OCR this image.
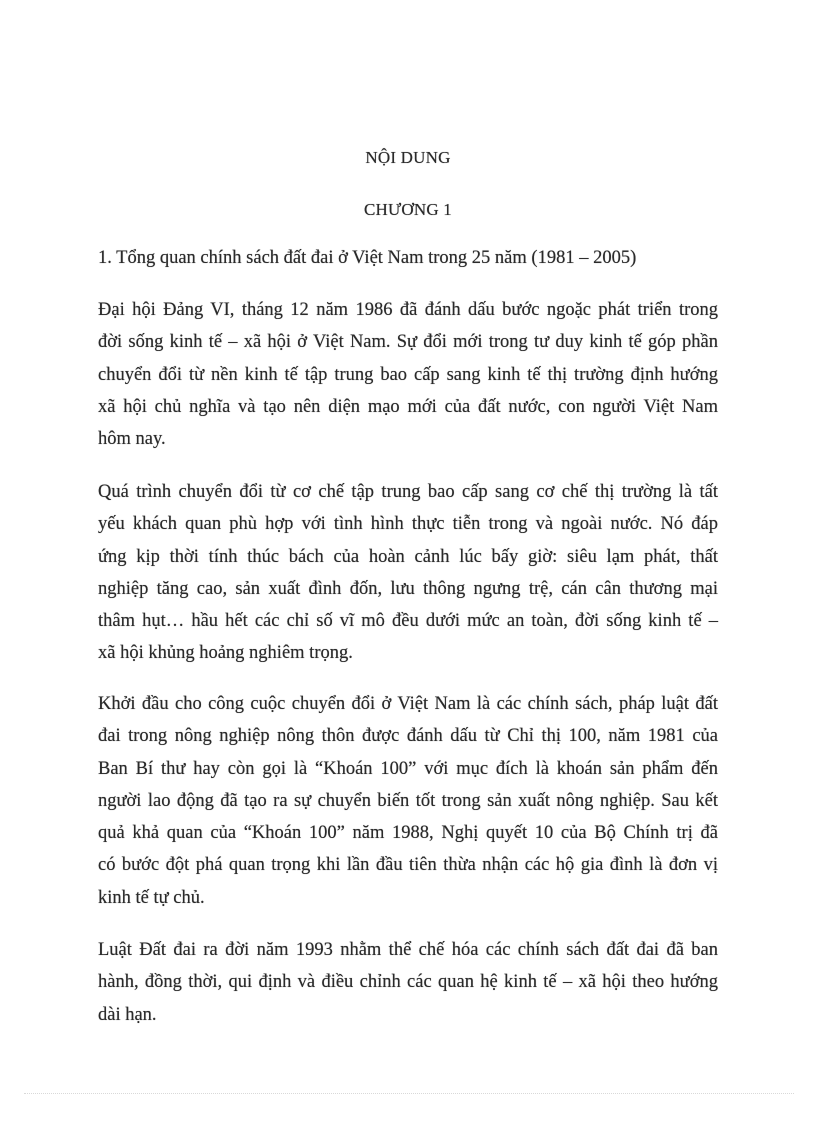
NỘI DUNG
CHƯƠNG 1
1. Tổng quan chính sách đất đai ở Việt Nam trong 25 năm (1981 – 2005)

Đại hội Đảng VI, tháng 12 năm 1986 đã đánh dấu bước ngoặc phát triển trong
đời sống kinh tế – xã hội ở Việt Nam. Sự đổi mới trong tư duy kinh tế góp phần
chuyển đổi từ nền kinh tế tập trung bao cấp sang kinh tế thị trường định hướng
xã hội chủ nghĩa và tạo nên diện mạo mới của đất nước, con người Việt Nam
hôm nay.

Quá trình chuyển đổi từ cơ chế tập trung bao cấp sang cơ chế thị trường là tất
yếu khách quan phù hợp với tình hình thực tiễn trong và ngoài nước. Nó đáp
ứng kịp thời tính thúc bách của hoàn cảnh lúc bấy giờ: siêu lạm phát, thất
nghiệp tăng cao, sản xuất đình đốn, lưu thông ngưng trệ, cán cân thương mại
thâm hụt… hầu hết các chỉ số vĩ mô đều dưới mức an toàn, đời sống kinh tế –
xã hội khủng hoảng nghiêm trọng.

Khởi đầu cho công cuộc chuyển đổi ở Việt Nam là các chính sách, pháp luật đất
đai trong nông nghiệp nông thôn được đánh dấu từ Chỉ thị 100, năm 1981 của
Ban Bí thư hay còn gọi là “Khoán 100” với mục đích là khoán sản phẩm đến
người lao động đã tạo ra sự chuyển biến tốt trong sản xuất nông nghiệp. Sau kết
quả khả quan của “Khoán 100” năm 1988, Nghị quyết 10 của Bộ Chính trị đã
có bước đột phá quan trọng khi lần đầu tiên thừa nhận các hộ gia đình là đơn vị
kinh tế tự chủ.

Luật Đất đai ra đời năm 1993 nhằm thể chế hóa các chính sách đất đai đã ban
hành, đồng thời, qui định và điều chỉnh các quan hệ kinh tế – xã hội theo hướng
dài hạn.
